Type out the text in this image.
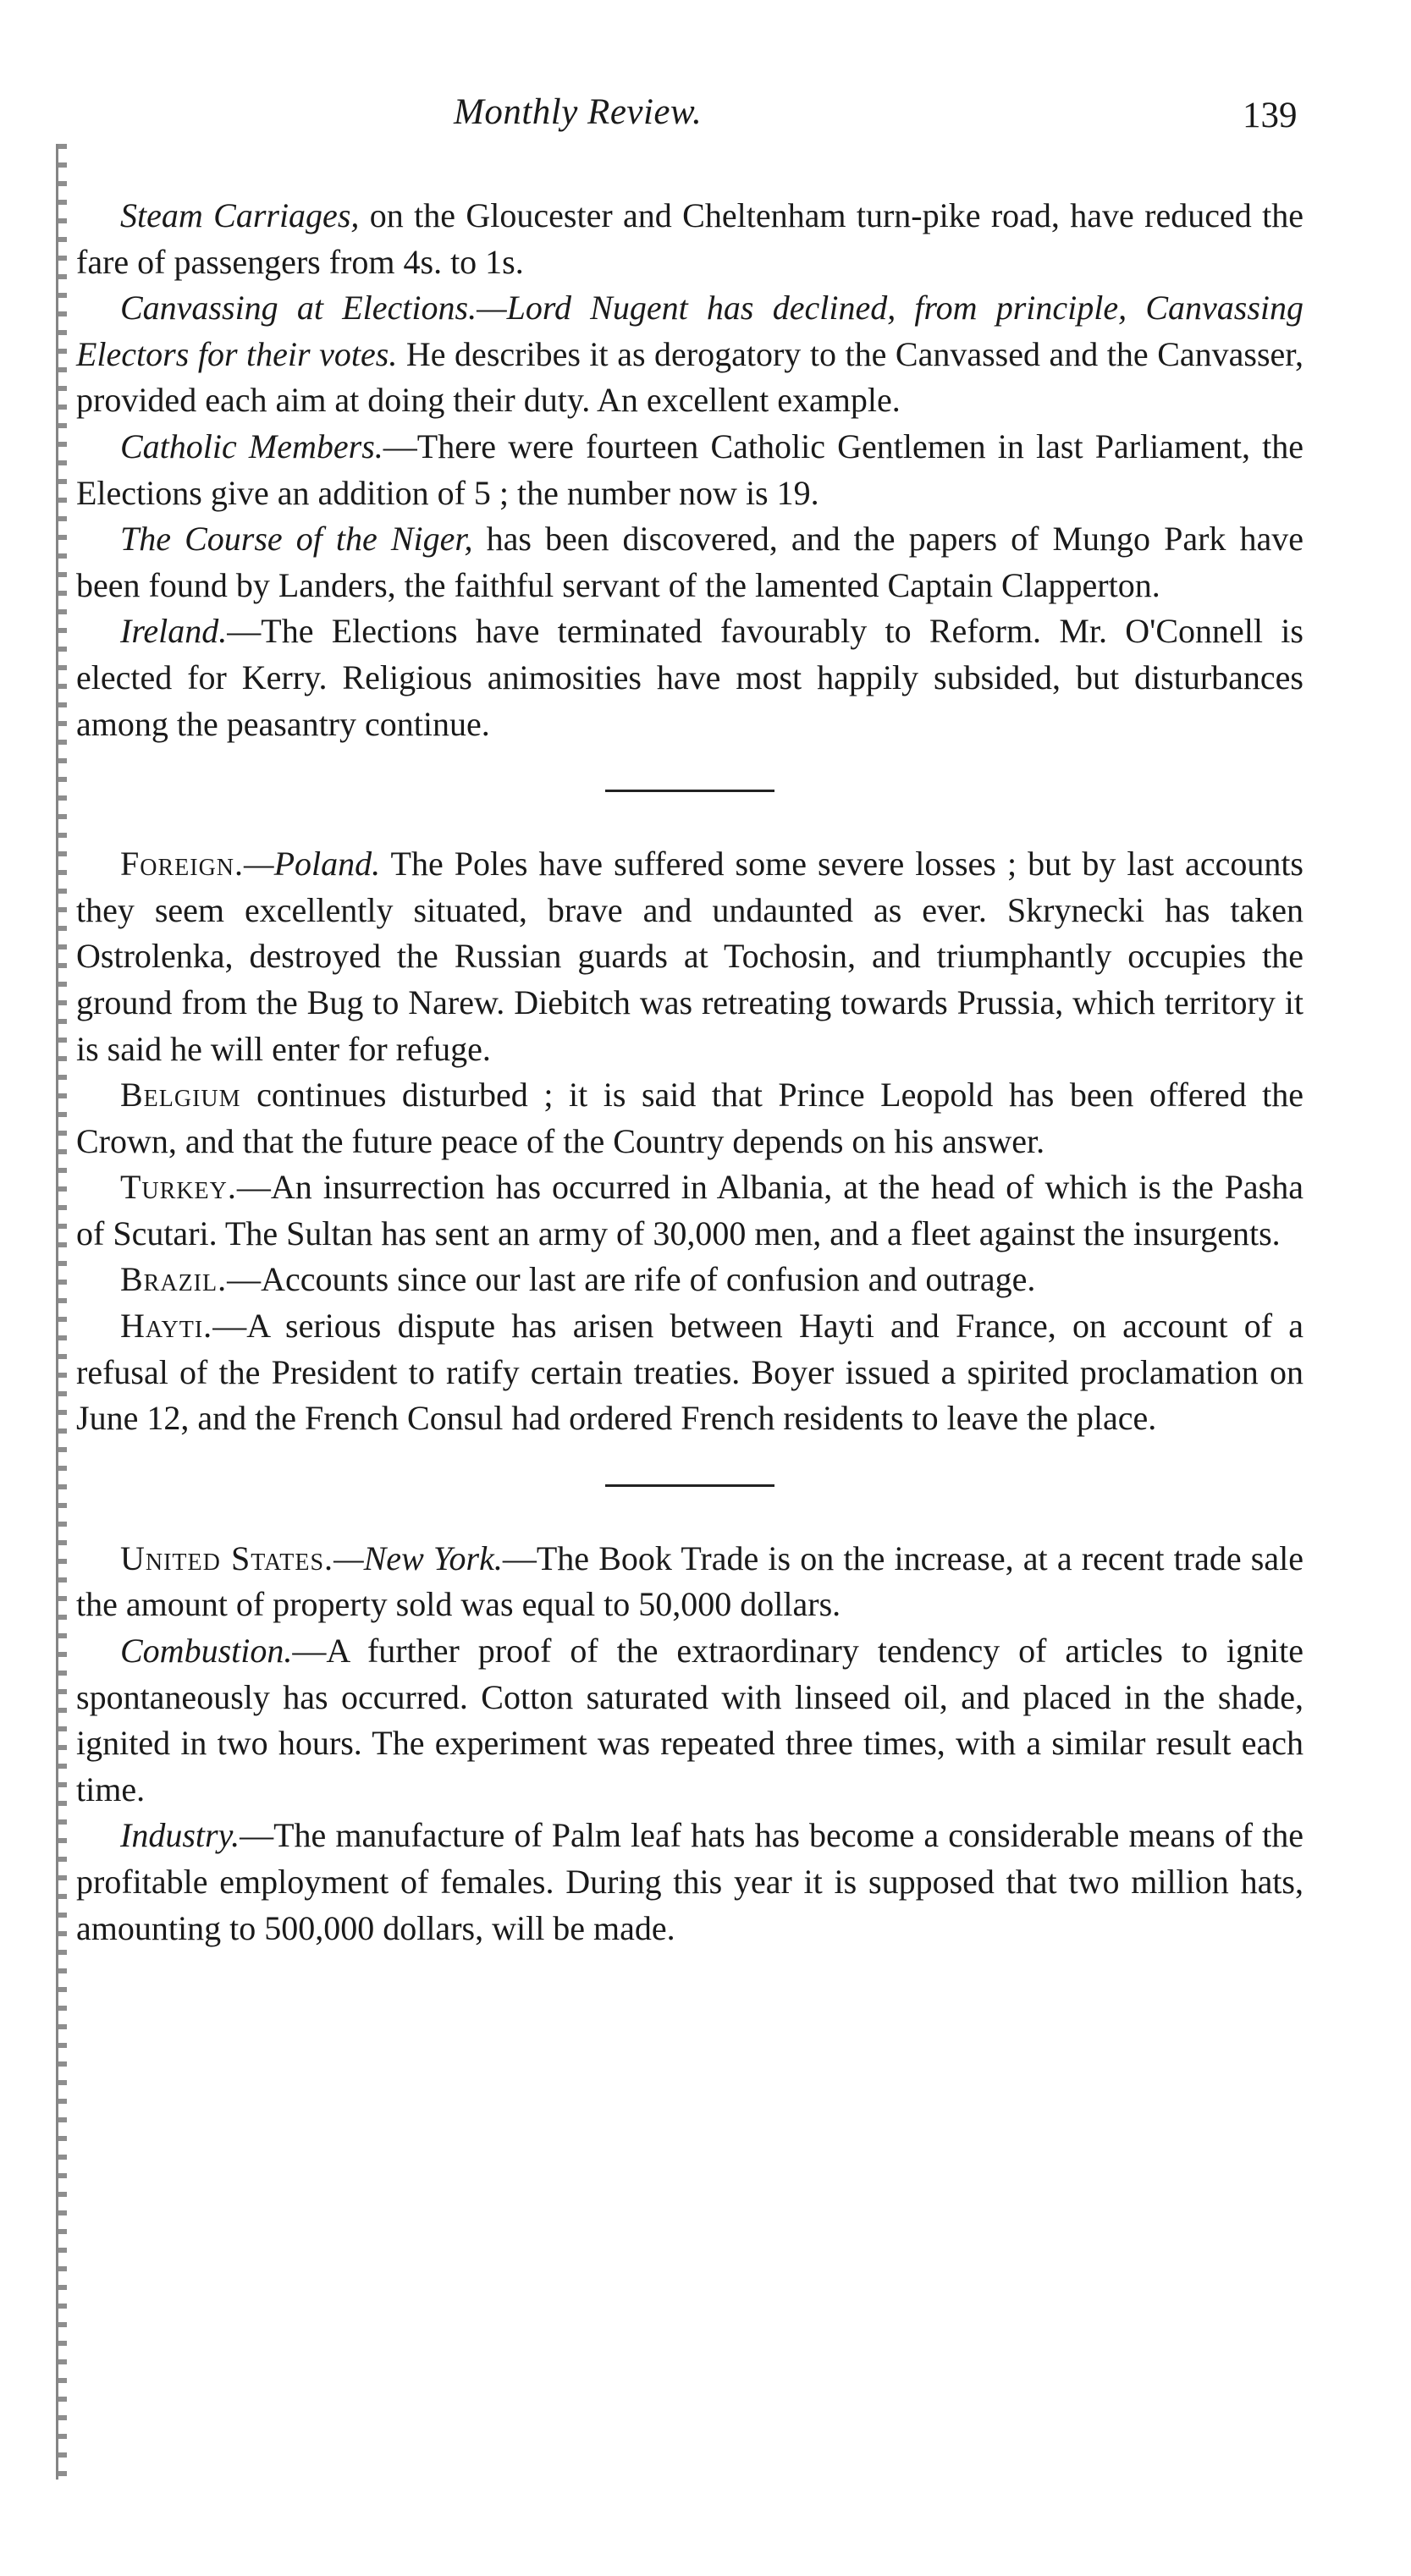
Monthly Review.	139

Steam Carriages, on the Gloucester and Cheltenham turn-pike road, have reduced the fare of passengers from 4s. to 1s.

Canvassing at Elections.—Lord Nugent has declined, from principle, Canvassing Electors for their votes. He describes it as derogatory to the Canvassed and the Canvasser, provided each aim at doing their duty. An excellent example.

Catholic Members.—There were fourteen Catholic Gentlemen in last Parliament, the Elections give an addition of 5 ; the number now is 19.

The Course of the Niger, has been discovered, and the papers of Mungo Park have been found by Landers, the faithful servant of the lamented Captain Clapperton.

Ireland.—The Elections have terminated favourably to Reform. Mr. O'Connell is elected for Kerry. Religious animosities have most happily subsided, but disturbances among the peasantry continue.

Foreign.—Poland. The Poles have suffered some severe losses ; but by last accounts they seem excellently situated, brave and undaunted as ever. Skrynecki has taken Ostrolenka, destroyed the Russian guards at Tochosin, and triumphantly occupies the ground from the Bug to Narew. Diebitch was retreating towards Prussia, which territory it is said he will enter for refuge.

Belgium continues disturbed ; it is said that Prince Leopold has been offered the Crown, and that the future peace of the Country depends on his answer.

Turkey.—An insurrection has occurred in Albania, at the head of which is the Pasha of Scutari. The Sultan has sent an army of 30,000 men, and a fleet against the insurgents.

Brazil.—Accounts since our last are rife of confusion and outrage.

Hayti.—A serious dispute has arisen between Hayti and France, on account of a refusal of the President to ratify certain treaties. Boyer issued a spirited proclamation on June 12, and the French Consul had ordered French residents to leave the place.

United States.—New York.—The Book Trade is on the increase, at a recent trade sale the amount of property sold was equal to 50,000 dollars.

Combustion.—A further proof of the extraordinary tendency of articles to ignite spontaneously has occurred. Cotton saturated with linseed oil, and placed in the shade, ignited in two hours. The experiment was repeated three times, with a similar result each time.

Industry.—The manufacture of Palm leaf hats has become a considerable means of the profitable employment of females. During this year it is supposed that two million hats, amounting to 500,000 dollars, will be made.
